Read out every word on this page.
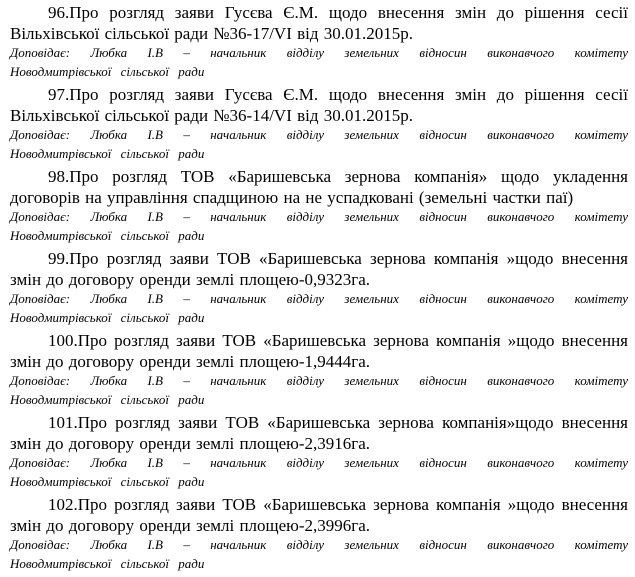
96.Про розгляд заяви Гусєва Є.М. щодо внесення змін до рішення сесії Вільхівської сільської ради №36-17/VI від 30.01.2015р.

Доповідає: Любка І.В – начальник відділу земельних відносин виконавчого комітету Новодмитрівської сільської ради

97.Про розгляд заяви Гусєва Є.М. щодо внесення змін до рішення сесії Вільхівської сільської ради №36-14/VI від 30.01.2015р.

Доповідає: Любка І.В – начальник відділу земельних відносин виконавчого комітету Новодмитрівської сільської ради

98.Про розгляд ТОВ «Баришевська зернова компанія» щодо укладення договорів на управління спадщиною на не успадковані (земельні частки паї)

Доповідає: Любка І.В – начальник відділу земельних відносин виконавчого комітету Новодмитрівської сільської ради

99.Про розгляд заяви ТОВ «Баришевська зернова компанія »щодо внесення змін до договору оренди землі площею-0,9323га.

Доповідає: Любка І.В – начальник відділу земельних відносин виконавчого комітету Новодмитрівської сільської ради

100.Про розгляд заяви ТОВ «Баришевська зернова компанія »щодо внесення змін до договору оренди землі площею-1,9444га.

Доповідає: Любка І.В – начальник відділу земельних відносин виконавчого комітету Новодмитрівської сільської ради

101.Про розгляд заяви ТОВ «Баришевська зернова компанія»щодо внесення змін до договору оренди землі площею-2,3916га.

Доповідає: Любка І.В – начальник відділу земельних відносин виконавчого комітету Новодмитрівської сільської ради

102.Про розгляд заяви ТОВ «Баришевська зернова компанія »щодо внесення змін до договору оренди землі площею-2,3996га.

Доповідає: Любка І.В – начальник відділу земельних відносин виконавчого комітету Новодмитрівської сільської ради
